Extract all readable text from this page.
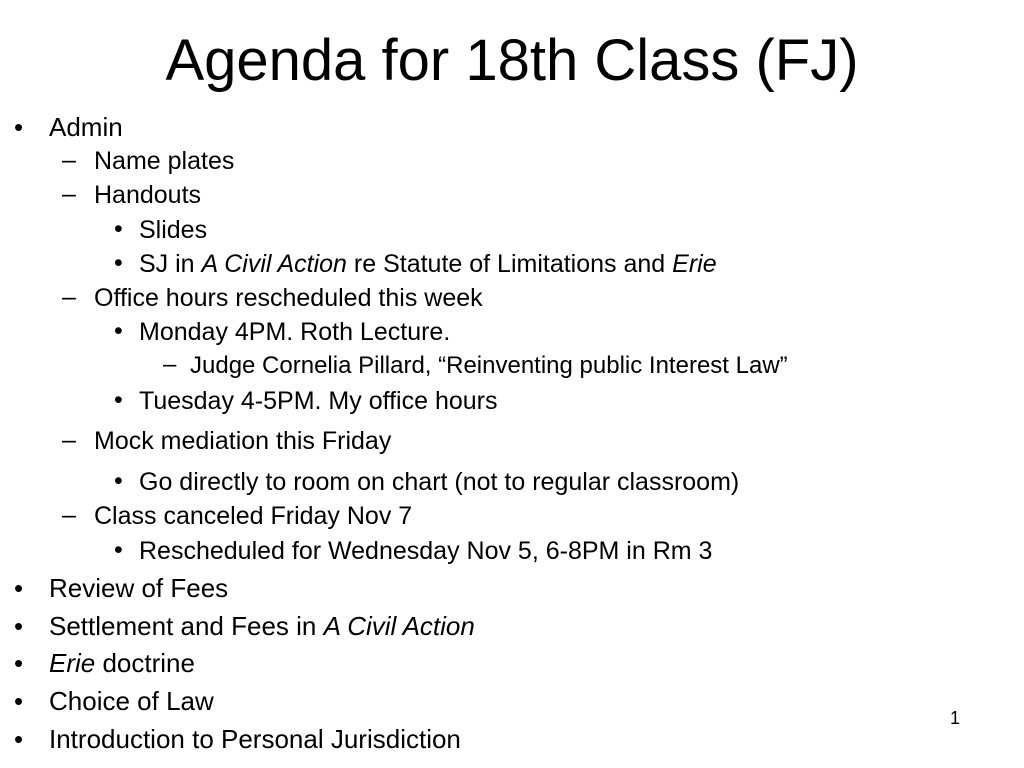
Agenda for 18th Class (FJ)
• Admin
– Name plates
– Handouts
• Slides
• SJ in A Civil Action re Statute of Limitations and Erie
– Office hours rescheduled this week
• Monday 4PM. Roth Lecture.
– Judge Cornelia Pillard, “Reinventing public Interest Law”
• Tuesday 4-5PM. My office hours
– Mock mediation this Friday
• Go directly to room on chart (not to regular classroom)
– Class canceled Friday Nov 7
• Rescheduled for Wednesday Nov 5, 6-8PM in Rm 3
• Review of Fees
• Settlement and Fees in A Civil Action
• Erie doctrine
• Choice of Law
• Introduction to Personal Jurisdiction
1
